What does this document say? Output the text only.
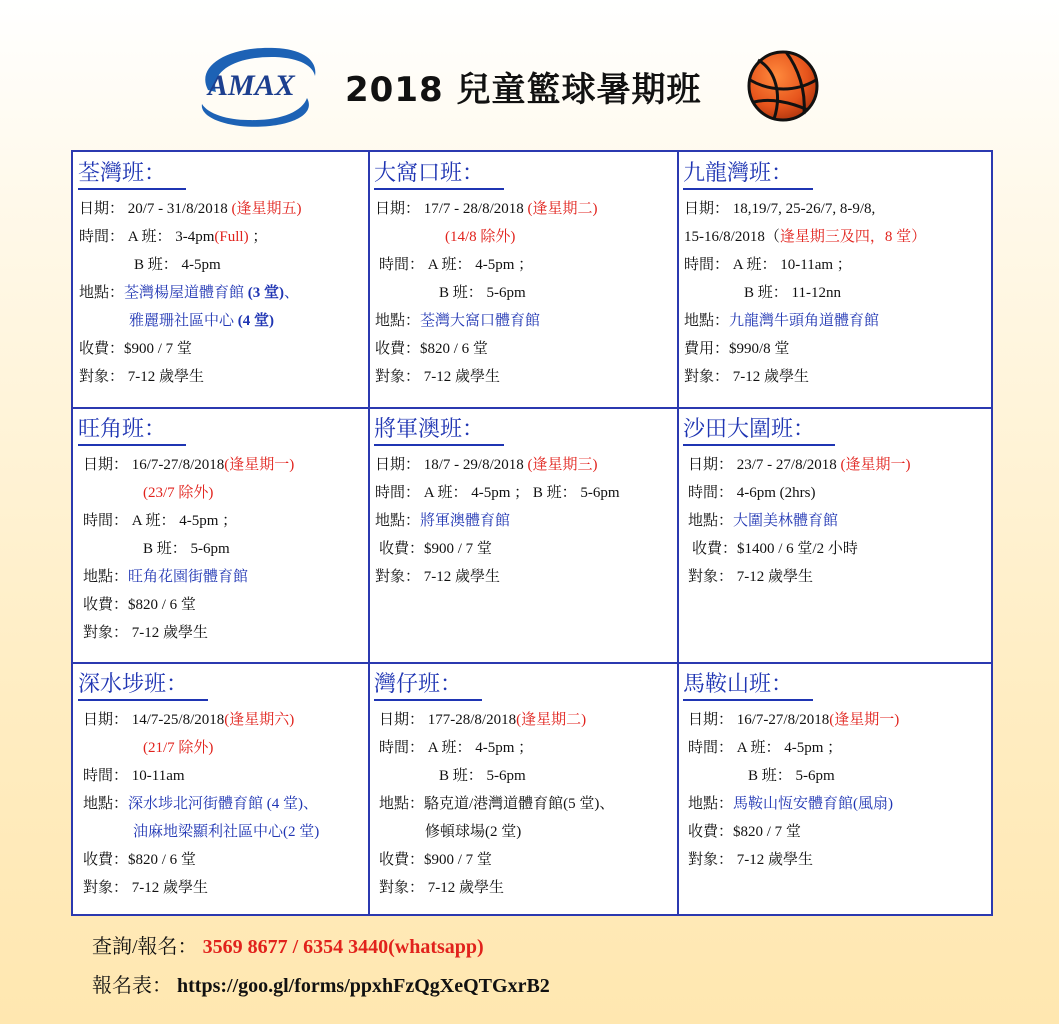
AMAX 2018 兒童籃球暑期班
荃灣班：
日期： 20/7 - 31/8/2018 (逢星期五)
時間： A 班： 3-4pm(Full) ；
B 班： 4-5pm
地點：荃灣楊屋道體育館 (3 堂)、
雅麗珊社區中心 (4 堂)
收費：$900 / 7 堂
對象： 7-12 歲學生
大窩口班：
日期： 17/7 - 28/8/2018 (逢星期二)
(14/8 除外)
時間： A 班： 4-5pm ；
B 班： 5-6pm
地點：荃灣大窩口體育館
收費：$820 / 6 堂
對象： 7-12 歲學生
九龍灣班：
日期： 18,19/7, 25-26/7, 8-9/8,
15-16/8/2018（逢星期三及四，8 堂）
時間： A 班： 10-11am ；
B 班： 11-12nn
地點：九龍灣牛頭角道體育館
費用：$990/8 堂
對象： 7-12 歲學生
旺角班：
日期： 16/7-27/8/2018(逢星期一)
(23/7 除外)
時間： A 班： 4-5pm ；
B 班： 5-6pm
地點：旺角花園街體育館
收費：$820 / 6 堂
對象： 7-12 歲學生
將軍澳班：
日期： 18/7 - 29/8/2018 (逢星期三)
時間： A 班： 4-5pm ； B 班： 5-6pm
地點：將軍澳體育館
收費：$900 / 7 堂
對象： 7-12 歲學生
沙田大圍班：
日期： 23/7 - 27/8/2018 (逢星期一)
時間： 4-6pm (2hrs)
地點：大圍美林體育館
收費：$1400 / 6 堂/2 小時
對象： 7-12 歲學生
深水埗班：
日期： 14/7-25/8/2018(逢星期六)
(21/7 除外)
時間： 10-11am
地點：深水埗北河街體育館 (4 堂)、
油麻地梁顯利社區中心(2 堂)
收費：$820 / 6 堂
對象： 7-12 歲學生
灣仔班：
日期： 177-28/8/2018(逢星期二)
時間： A 班： 4-5pm ；
B 班： 5-6pm
地點：駱克道/港灣道體育館(5 堂)、
修頓球場(2 堂)
收費：$900 / 7 堂
對象： 7-12 歲學生
馬鞍山班：
日期： 16/7-27/8/2018(逢星期一)
時間： A 班： 4-5pm ；
B 班： 5-6pm
地點：馬鞍山恆安體育館(風扇)
收費：$820 / 7 堂
對象： 7-12 歲學生
查詢/報名： 3569 8677 / 6354 3440(whatsapp)
報名表： https://goo.gl/forms/ppxhFzQgXeQTGxrB2
